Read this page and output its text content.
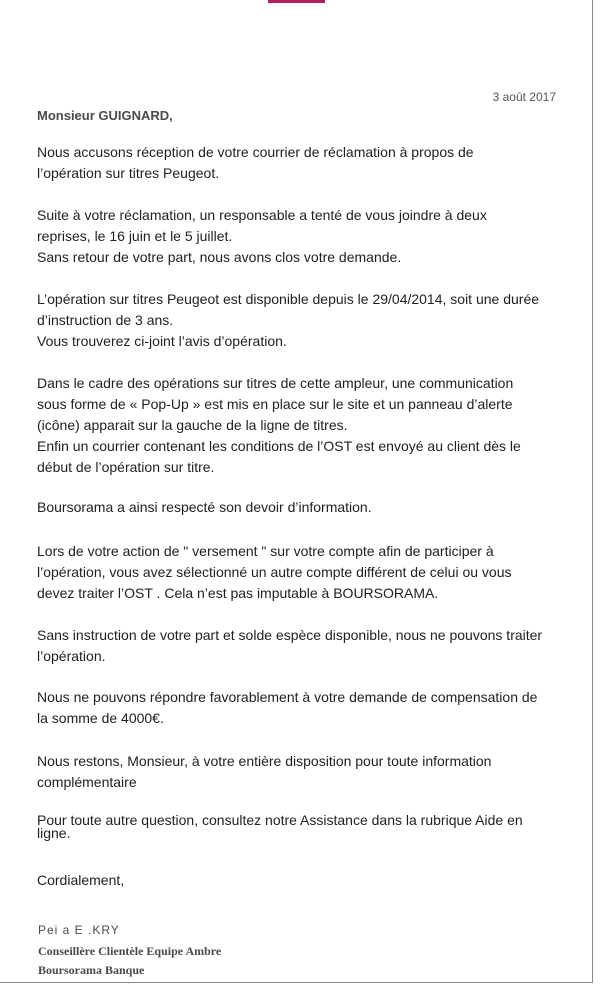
3 août 2017
Monsieur GUIGNARD,

Nous accusons réception de votre courrier de réclamation à propos de

l’opération sur titres Peugeot.

Suite à votre réclamation, un responsable a tenté de vous joindre à deux

reprises, le 16 juin et le 5 juillet.

Sans retour de votre part, nous avons clos votre demande.

L’opération sur titres Peugeot est disponible depuis le 29/04/2014, soit une durée

d’instruction de 3 ans.

Vous trouverez ci-joint l’avis d’opération.

Dans le cadre des opérations sur titres de cette ampleur, une communication

sous forme de « Pop-Up » est mis en place sur le site et un panneau d’alerte

(icône) apparait sur la gauche de la ligne de titres.

Enfin un courrier contenant les conditions de l’OST est envoyé au client dès le

début de l’opération sur titre.

Boursorama a ainsi respecté son devoir d’information.

Lors de votre action de " versement " sur votre compte afin de participer à

l’opération, vous avez sélectionné un autre compte différent de celui ou vous

devez traiter l’OST . Cela n’est pas imputable à BOURSORAMA.

Sans instruction de votre part et solde espèce disponible, nous ne pouvons traiter

l’opération.

Nous ne pouvons répondre favorablement à votre demande de compensation de

la somme de 4000€.

Nous restons, Monsieur, à votre entière disposition pour toute information

complémentaire

Pour toute autre question, consultez notre Assistance dans la rubrique Aide en

ligne.

Cordialement,

Pei a E .KRY
Conseillère Clientèle Equipe Ambre
Boursorama Banque
